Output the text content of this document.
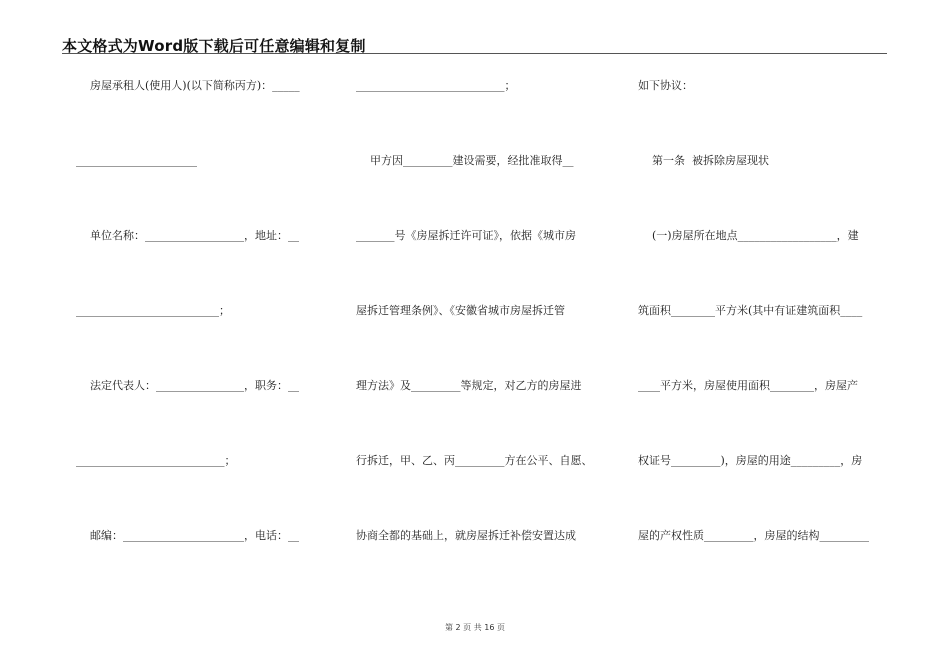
本文格式为Word版下载后可任意编辑和复制
房屋承租人(使用人)(以下简称丙方)：_____
______________________
单位名称：__________________，地址：__
__________________________；
法定代表人：________________，职务：__
___________________________；
邮编：______________________，电话：__
___________________________；
甲方因_________建设需要，经批准取得__
_______号《房屋拆迁许可证》，依据《城市房
屋拆迁管理条例》、《安徽省城市房屋拆迁管
理方法》及_________等规定，对乙方的房屋进
行拆迁，甲、乙、丙_________方在公平、自愿、
协商全都的基础上，就房屋拆迁补偿安置达成
如下协议：
第一条  被拆除房屋现状
(一)房屋所在地点__________________，建
筑面积________平方米(其中有证建筑面积____
____平方米，房屋使用面积________，房屋产
权证号_________)，房屋的用途_________，房
屋的产权性质_________，房屋的结构_________
第 2 页 共 16 页
